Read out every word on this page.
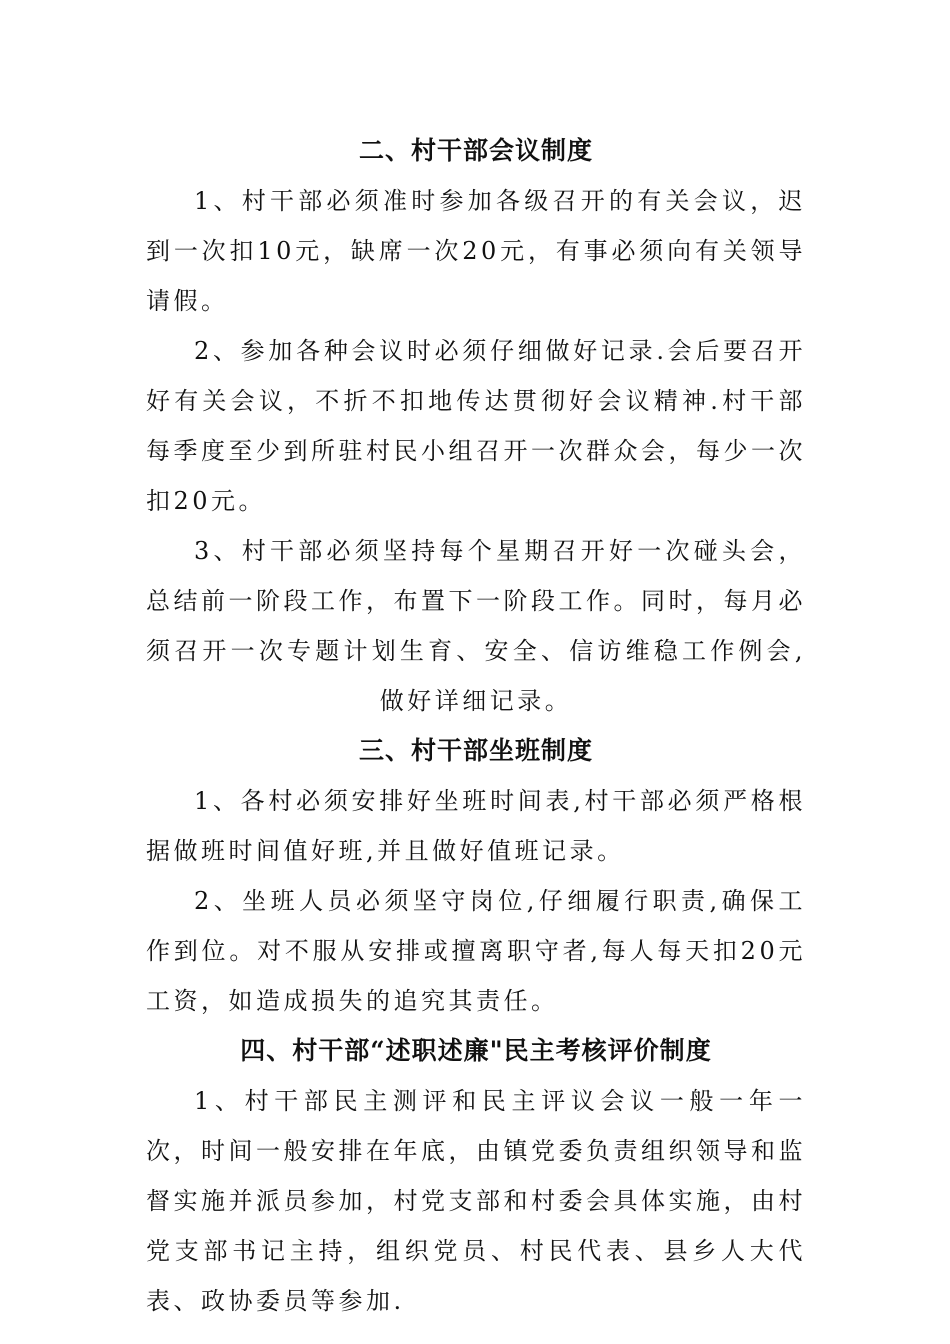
二、村干部会议制度

1、村干部必须准时参加各级召开的有关会议，迟到一次扣10元，缺席一次20元，有事必须向有关领导请假。

2、参加各种会议时必须仔细做好记录.会后要召开好有关会议，不折不扣地传达贯彻好会议精神.村干部每季度至少到所驻村民小组召开一次群众会，每少一次扣20元。

3、村干部必须坚持每个星期召开好一次碰头会，总结前一阶段工作，布置下一阶段工作。同时，每月必须召开一次专题计划生育、安全、信访维稳工作例会,做好详细记录。

三、村干部坐班制度

1、各村必须安排好坐班时间表,村干部必须严格根据做班时间值好班,并且做好值班记录。

2、坐班人员必须坚守岗位,仔细履行职责,确保工作到位。对不服从安排或擅离职守者,每人每天扣20元工资，如造成损失的追究其责任。

四、村干部“述职述廉"民主考核评价制度

1、村干部民主测评和民主评议会议一般一年一次，时间一般安排在年底，由镇党委负责组织领导和监督实施并派员参加，村党支部和村委会具体实施，由村党支部书记主持，组织党员、村民代表、县乡人大代表、政协委员等参加.
